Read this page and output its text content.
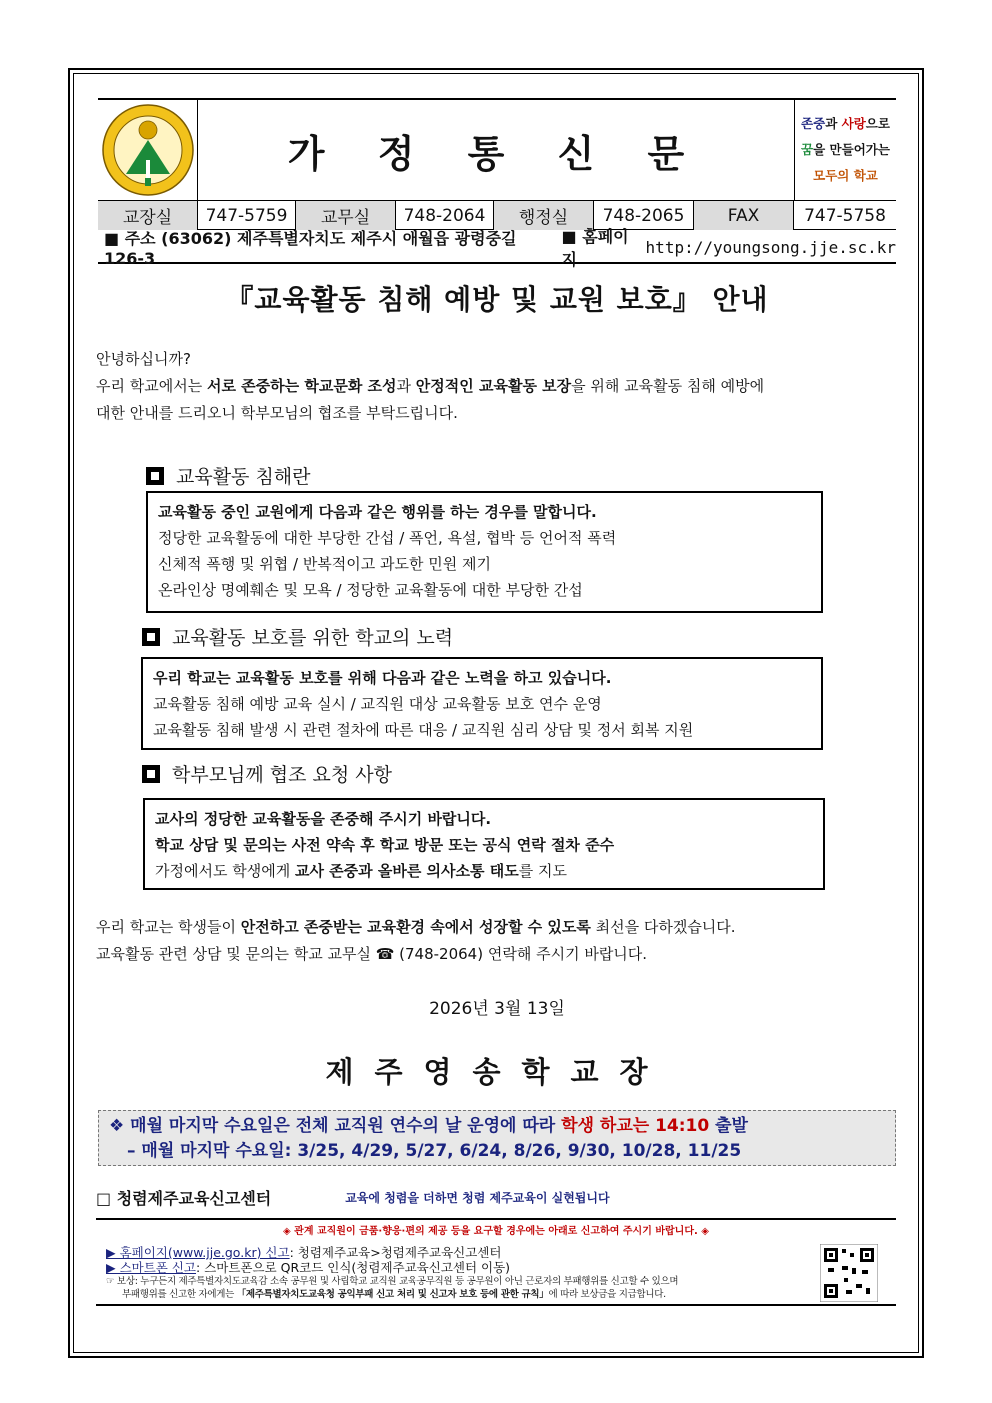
가 정 통 신 문
존중과 사랑으로
꿈을 만들어가는
모두의 학교
교장실	747-5759	교무실	748-2064	행정실	748-2065	FAX	747-5758
■ 주소 (63062) 제주특별자치도 제주시 애월읍 광령중길 126-3
■ 홈페이지
http://youngsong.jje.sc.kr
『교육활동 침해 예방 및 교원 보호』 안내

안녕하십니까?

우리 학교에서는 서로 존중하는 학교문화 조성과 안정적인 교육활동 보장을 위해 교육활동 침해 예방에

대한 안내를 드리오니 학부모님의 협조를 부탁드립니다.

교육활동 침해란

교육활동 중인 교원에게 다음과 같은 행위를 하는 경우를 말합니다.

정당한 교육활동에 대한 부당한 간섭 / 폭언, 욕설, 협박 등 언어적 폭력

신체적 폭행 및 위협 / 반복적이고 과도한 민원 제기

온라인상 명예훼손 및 모욕 / 정당한 교육활동에 대한 부당한 간섭

교육활동 보호를 위한 학교의 노력

우리 학교는 교육활동 보호를 위해 다음과 같은 노력을 하고 있습니다.

교육활동 침해 예방 교육 실시 / 교직원 대상 교육활동 보호 연수 운영

교육활동 침해 발생 시 관련 절차에 따른 대응 / 교직원 심리 상담 및 정서 회복 지원

학부모님께 협조 요청 사항

교사의 정당한 교육활동을 존중해 주시기 바랍니다.

학교 상담 및 문의는 사전 약속 후 학교 방문 또는 공식 연락 절차 준수

가정에서도 학생에게 교사 존중과 올바른 의사소통 태도를 지도

우리 학교는 학생들이 안전하고 존중받는 교육환경 속에서 성장할 수 있도록 최선을 다하겠습니다.

교육활동 관련 상담 및 문의는 학교 교무실 ☎ (748-2064) 연락해 주시기 바랍니다.

2026년 3월 13일
제주영송학교장
❖ 매월 마지막 수요일은 전체 교직원 연수의 날 운영에 따라 학생 하교는 14:10 출발
– 매월 마지막 수요일: 3/25, 4/29, 5/27, 6/24, 8/26, 9/30, 10/28, 11/25
□ 청렴제주교육신고센터	교육에 청렴을 더하면 청렴 제주교육이 실현됩니다
◈ 관계 교직원이 금품·향응·편의 제공 등을 요구할 경우에는 아래로 신고하여 주시기 바랍니다. ◈
▶ 홈페이지(www.jje.go.kr) 신고: 청렴제주교육>청렴제주교육신고센터
▶ 스마트폰 신고: 스마트폰으로 QR코드 인식(청렴제주교육신고센터 이동)
☞ 보상: 누구든지 제주특별자치도교육감 소속 공무원 및 사립학교 교직원 교육공무직원 등 공무원이 아닌 근로자의 부패행위를 신고할 수 있으며
부패행위를 신고한 자에게는 「제주특별자치도교육청 공익부패 신고 처리 및 신고자 보호 등에 관한 규칙」에 따라 보상금을 지급합니다.
